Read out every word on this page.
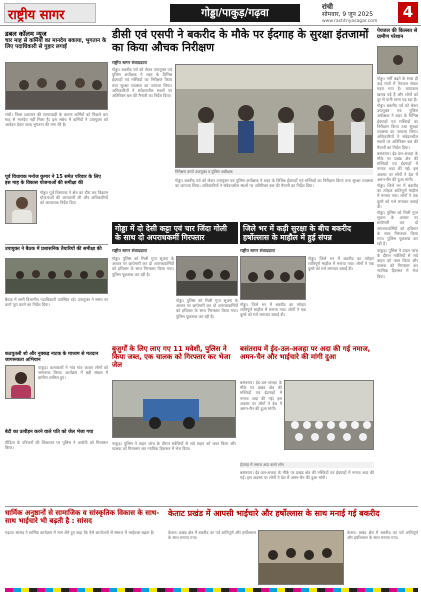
राष्ट्रीय सागर	गोड्डा/पाकुड़/गढ़वा	रांची
सोमवार, 9 जून 2025
www.rashtriyasagar.com
4
डबल कॉलम न्यूज
चार माह से कर्मियों का मानदेय बकाया, भुगतान के लिए पदाधिकारी से गुहार लगाई

रांची। जिला प्रशासन की लापरवाही के कारण कर्मियों को पिछले चार माह से मानदेय नहीं मिला है। इस संबंध में कर्मियों ने उपायुक्त को आवेदन देकर जल्द भुगतान की मांग की है।

पूर्व विधायक मनोज कुमार ने 15 समेत परिवार के लिए इस माह के विकास योजनाओं की समीक्षा की
गोड्डा। पूर्व विधायक ने क्षेत्र का दौरा कर विकास योजनाओं की जानकारी ली और अधिकारियों को आवश्यक निर्देश दिए।
उपायुक्त ने बैठक में प्रशासनिक तैयारियों की समीक्षा की
बैठक में सभी विभागीय पदाधिकारी उपस्थित रहे। उपायुक्त ने समय पर कार्य पूरा करने का निर्देश दिया।
कठपुतली शो और नुक्कड़ नाटक के माध्यम से मतदान जागरूकता अभियान
पाकुड़। कलाकारों ने गांव गांव जाकर लोगों को जागरूक किया। कार्यक्रम में बड़ी संख्या में ग्रामीण शामिल हुए।
बेटी का उत्पीड़न करने वाले पति को जेल भेजा गया
पीड़िता के परिजनों की शिकायत पर पुलिस ने आरोपी को गिरफ्तार किया।
डीसी एवं एसपी ने बकरीद के मौके पर ईदगाह के सुरक्षा इंतजामों का किया औचक निरीक्षण
राष्ट्रीय सागर संवाददाता
गोड्डा। बकरीद पर्व को लेकर उपायुक्त एवं पुलिस अधीक्षक ने शहर के विभिन्न ईदगाहों एवं मस्जिदों का निरीक्षण किया तथा सुरक्षा व्यवस्था का जायजा लिया। अधिकारियों ने संवेदनशील स्थलों पर अतिरिक्त बल की तैनाती का निर्देश दिया।
निरीक्षण करते उपायुक्त व पुलिस अधीक्षक

गोड्डा। बकरीद पर्व को लेकर उपायुक्त एवं पुलिस अधीक्षक ने शहर के विभिन्न ईदगाहों एवं मस्जिदों का निरीक्षण किया तथा सुरक्षा व्यवस्था का जायजा लिया। अधिकारियों ने संवेदनशील स्थलों पर अतिरिक्त बल की तैनाती का निर्देश दिया।

गोड्डा में दो देसी कट्टा एवं चार जिंदा गोली के साथ दो अपराधकर्मी गिरफ्तार
जिले भर में कड़ी सुरक्षा के बीच बकरीद हर्षोल्लास के माहौल में हुई संपन्न
राष्ट्रीय सागर संवाददाता
गोड्डा। पुलिस को मिली गुप्त सूचना के आधार पर छापेमारी कर दो अपराधकर्मियों को हथियार के साथ गिरफ्तार किया गया। पुलिस पूछताछ कर रही है।

गोड्डा। पुलिस को मिली गुप्त सूचना के आधार पर छापेमारी कर दो अपराधकर्मियों को हथियार के साथ गिरफ्तार किया गया। पुलिस पूछताछ कर रही है।

राष्ट्रीय सागर संवाददाता
गोड्डा। जिले भर में बकरीद का त्योहार शांतिपूर्ण माहौल में मनाया गया। लोगों ने एक दूसरे को गले लगाकर बधाई दी।

गोड्डा। जिले भर में बकरीद का त्योहार शांतिपूर्ण माहौल में मनाया गया। लोगों ने एक दूसरे को गले लगाकर बधाई दी।

बुजुर्गों के लिए लाए गए 11 मवेशी, पुलिस ने किया जब्त, एक चालक को गिरफ्तार कर भेजा जेल
पाकुड़। पुलिस ने वाहन जांच के दौरान मवेशियों से लदे वाहन को जब्त किया और चालक को गिरफ्तार कर न्यायिक हिरासत में भेज दिया।
बसंतराय में ईद-उल-अजहा पर अदा की गई नमाज, अमन-चैन और भाईचारे की मांगी दुआ
बसंतराय। ईद-उल-अजहा के मौके पर प्रखंड क्षेत्र की मस्जिदों एवं ईदगाहों में नमाज अदा की गई। इस अवसर पर लोगों ने देश में अमन-चैन की दुआ मांगी।
ईदगाह में नमाज अदा करते लोग

बसंतराय। ईद-उल-अजहा के मौके पर प्रखंड क्षेत्र की मस्जिदों एवं ईदगाहों में नमाज अदा की गई। इस अवसर पर लोगों ने देश में अमन-चैन की दुआ मांगी।

पेयजल की किल्लत से ग्रामीण परेशान

गोड्डा। गर्मी बढ़ने के साथ ही कई गांवों में पेयजल संकट गहरा गया है। चापाकल खराब पड़े हैं और लोगों को दूर से पानी लाना पड़ रहा है।

गोड्डा। बकरीद पर्व को लेकर उपायुक्त एवं पुलिस अधीक्षक ने शहर के विभिन्न ईदगाहों एवं मस्जिदों का निरीक्षण किया तथा सुरक्षा व्यवस्था का जायजा लिया। अधिकारियों ने संवेदनशील स्थलों पर अतिरिक्त बल की तैनाती का निर्देश दिया।

बसंतराय। ईद-उल-अजहा के मौके पर प्रखंड क्षेत्र की मस्जिदों एवं ईदगाहों में नमाज अदा की गई। इस अवसर पर लोगों ने देश में अमन-चैन की दुआ मांगी।

गोड्डा। जिले भर में बकरीद का त्योहार शांतिपूर्ण माहौल में मनाया गया। लोगों ने एक दूसरे को गले लगाकर बधाई दी।

गोड्डा। पुलिस को मिली गुप्त सूचना के आधार पर छापेमारी कर दो अपराधकर्मियों को हथियार के साथ गिरफ्तार किया गया। पुलिस पूछताछ कर रही है।

पाकुड़। पुलिस ने वाहन जांच के दौरान मवेशियों से लदे वाहन को जब्त किया और चालक को गिरफ्तार कर न्यायिक हिरासत में भेज दिया।

धार्मिक अनुष्ठानों से सामाजिक व सांस्कृतिक विकास के साथ-साथ भाईचारे भी बढ़ती है : सांसद
गढ़वा। सांसद ने धार्मिक कार्यक्रम में भाग लेते हुए कहा कि ऐसे आयोजनों से समाज में भाईचारा बढ़ता है।
केताट प्रखंड में आपसी भाईचारे और हर्षोल्लास के साथ मनाई गई बकरीद
केतार। प्रखंड क्षेत्र में बकरीद का पर्व शांतिपूर्ण और हर्षोल्लास के साथ मनाया गया।

केतार। प्रखंड क्षेत्र में बकरीद का पर्व शांतिपूर्ण और हर्षोल्लास के साथ मनाया गया।
